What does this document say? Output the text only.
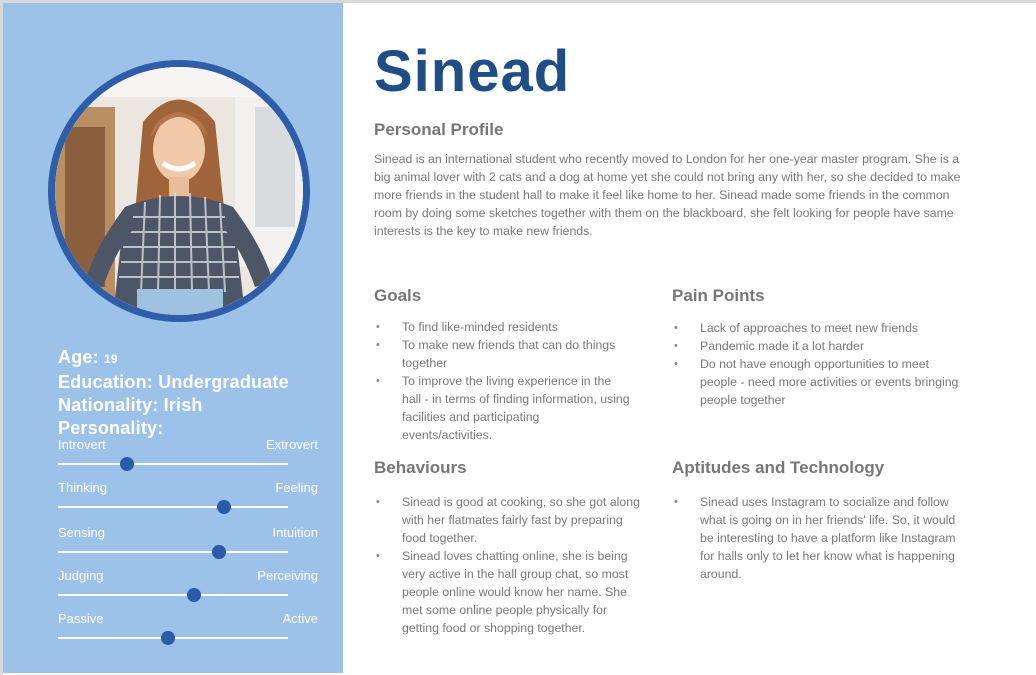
Age: 19
Education: Undergraduate
Nationality: Irish
Personality:
Introvert	Extrovert
Thinking	Feeling
Sensing	Intuition
Judging	Perceiving
Passive	Active
Sinead
Personal Profile
Sinead is an international student who recently moved to London for her one-year master program. She is a big animal lover with 2 cats and a dog at home yet she could not bring any with her, so she decided to make more friends in the student hall to make it feel like home to her. Sinead made some friends in the common room by doing some sketches together with them on the blackboard, she felt looking for people have same interests is the key to make new friends.
Goals
• To find like-minded residents
• To make new friends that can do things together
• To improve the living experience in the hall - in terms of finding information, using facilities and participating events/activities.
Pain Points
• Lack of approaches to meet new friends
• Pandemic made it a lot harder
• Do not have enough opportunities to meet people - need more activities or events bringing people together
Behaviours
• Sinead is good at cooking, so she got along with her flatmates fairly fast by preparing food together.
• Sinead loves chatting online, she is being very active in the hall group chat, so most people online would know her name. She met some online people physically for getting food or shopping together.
Aptitudes and Technology
• Sinead uses Instagram to socialize and follow what is going on in her friends' life. So, it would be interesting to have a platform like Instagram for halls only to let her know what is happening around.
